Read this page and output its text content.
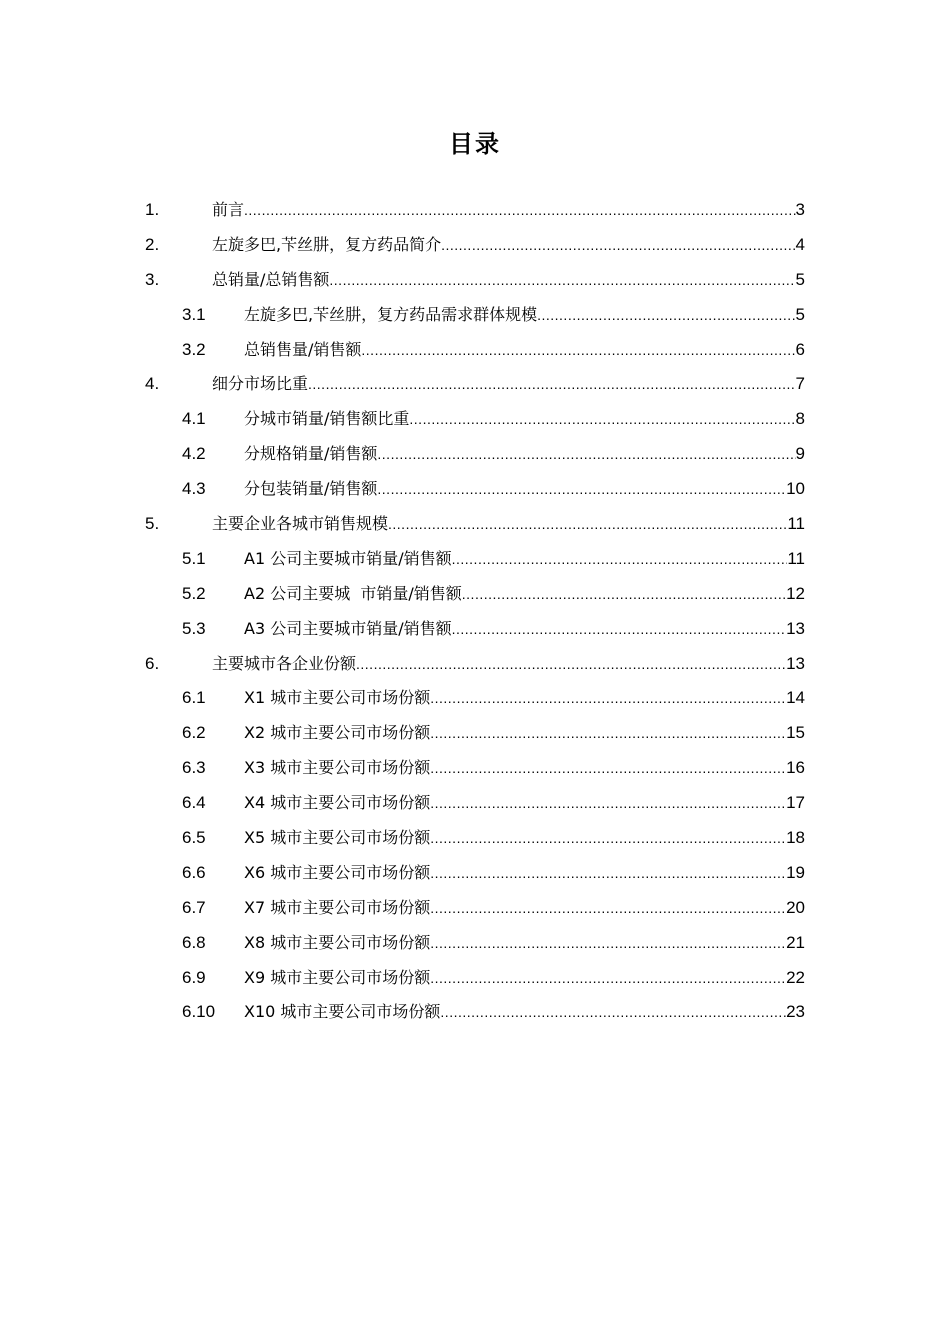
目录
1.	前言 .....	3
2.	左旋多巴,苄丝肼，复方药品简介 .....	4
3.	总销量/总销售额 .....	5
3.1 左旋多巴,苄丝肼，复方药品需求群体规模 .....	5
3.2 总销售量/销售额 .....	6
4.	细分市场比重 .....	7
4.1 分城市销量/销售额比重 .....	8
4.2 分规格销量/销售额 .....	9
4.3 分包装销量/销售额 .....	10
5.	主要企业各城市销售规模 .....	11
5.1 A1 公司主要城市销量/销售额 .....	11
5.2 A2 公司主要城  市销量/销售额 .....	12
5.3 A3 公司主要城市销量/销售额 .....	13
6.	主要城市各企业份额 .....	13
6.1 X1 城市主要公司市场份额 .....	14
6.2 X2 城市主要公司市场份额 .....	15
6.3 X3 城市主要公司市场份额 .....	16
6.4 X4 城市主要公司市场份额 .....	17
6.5 X5 城市主要公司市场份额 .....	18
6.6 X6 城市主要公司市场份额 .....	19
6.7 X7 城市主要公司市场份额 .....	20
6.8 X8 城市主要公司市场份额 .....	21
6.9 X9 城市主要公司市场份额 .....	22
6.10 X10 城市主要公司市场份额 .....	23
